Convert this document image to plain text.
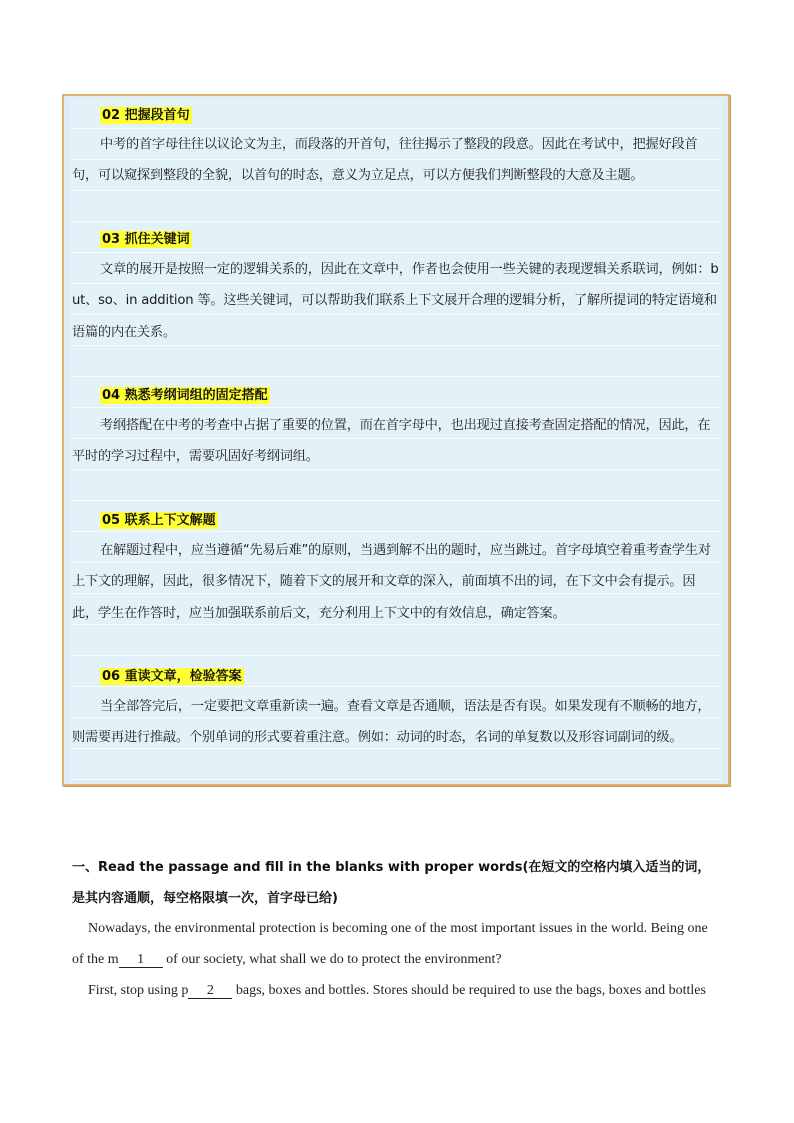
02 把握段首句
中考的首字母往往以议论文为主，而段落的开首句，往往揭示了整段的段意。因此在考试中，把握好段首句，可以窥探到整段的全貌，以首句的时态，意义为立足点，可以方便我们判断整段的大意及主题。
03 抓住关键词
文章的展开是按照一定的逻辑关系的，因此在文章中，作者也会使用一些关键的表现逻辑关系联词，例如：but、so、in addition 等。这些关键词，可以帮助我们联系上下文展开合理的逻辑分析，了解所提词的特定语境和语篇的内在关系。
04 熟悉考纲词组的固定搭配
考纲搭配在中考的考查中占据了重要的位置，而在首字母中，也出现过直接考查固定搭配的情况，因此，在平时的学习过程中，需要巩固好考纲词组。
05 联系上下文解题
在解题过程中，应当遵循“先易后难”的原则，当遇到解不出的题时，应当跳过。首字母填空着重考查学生对上下文的理解，因此，很多情况下，随着下文的展开和文章的深入，前面填不出的词，在下文中会有提示。因此，学生在作答时，应当加强联系前后文，充分利用上下文中的有效信息，确定答案。
06 重读文章，检验答案
当全部答完后，一定要把文章重新读一遍。查看文章是否通顺，语法是否有误。如果发现有不顺畅的地方，则需要再进行推敲。个别单词的形式要着重注意。例如：动词的时态，名词的单复数以及形容词副词的级。
一、Read the passage and fill in the blanks with proper words(在短文的空格内填入适当的词，是其内容通顺，每空格限填一次，首字母已给)
Nowadays, the environmental protection is becoming one of the most important issues in the world. Being one of the m 1 of our society, what shall we do to protect the environment?
First, stop using p 2 bags, boxes and bottles. Stores should be required to use the bags, boxes and bottles
